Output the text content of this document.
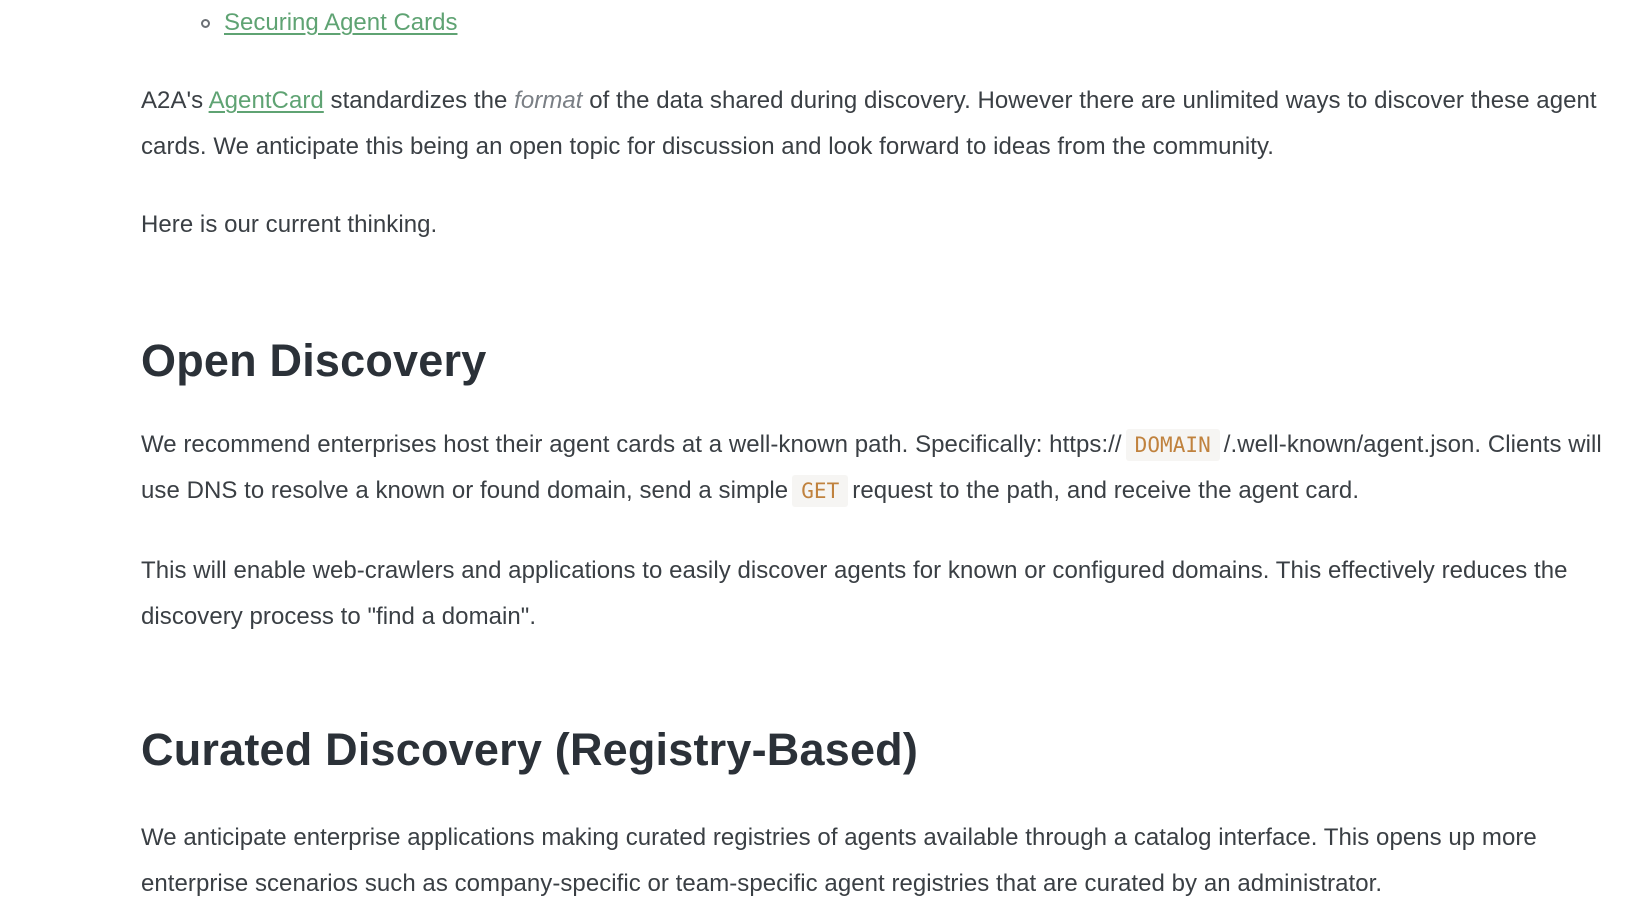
Securing Agent Cards

A2A's AgentCard standardizes the format of the data shared during discovery. However there are unlimited ways to discover these agent cards. We anticipate this being an open topic for discussion and look forward to ideas from the community.

Here is our current thinking.

Open Discovery

We recommend enterprises host their agent cards at a well-known path. Specifically: https:// DOMAIN /.well-known/agent.json. Clients will use DNS to resolve a known or found domain, send a simple GET request to the path, and receive the agent card.

This will enable web-crawlers and applications to easily discover agents for known or configured domains. This effectively reduces the discovery process to "find a domain".

Curated Discovery (Registry-Based)

We anticipate enterprise applications making curated registries of agents available through a catalog interface. This opens up more enterprise scenarios such as company-specific or team-specific agent registries that are curated by an administrator.
